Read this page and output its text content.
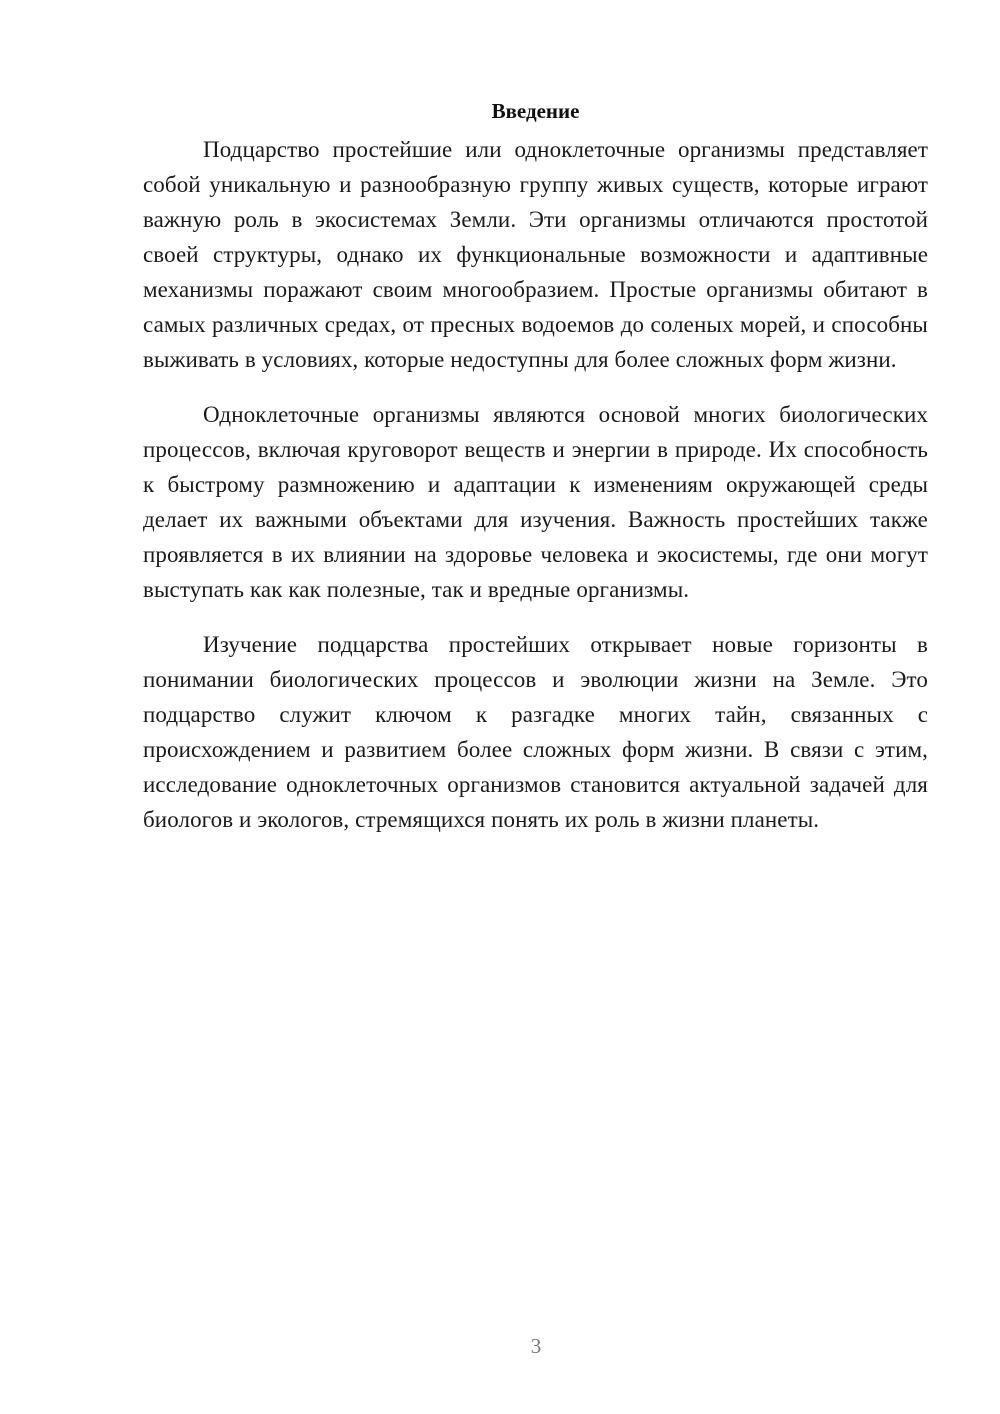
Введение

Подцарство простейшие или одноклеточные организмы представляет собой уникальную и разнообразную группу живых существ, которые играют важную роль в экосистемах Земли. Эти организмы отличаются простотой своей структуры, однако их функциональные возможности и адаптивные механизмы поражают своим многообразием. Простые организмы обитают в самых различных средах, от пресных водоемов до соленых морей, и способны выживать в условиях, которые недоступны для более сложных форм жизни.

Одноклеточные организмы являются основой многих биологических процессов, включая круговорот веществ и энергии в природе. Их способность к быстрому размножению и адаптации к изменениям окружающей среды делает их важными объектами для изучения. Важность простейших также проявляется в их влиянии на здоровье человека и экосистемы, где они могут выступать как как полезные, так и вредные организмы.

Изучение подцарства простейших открывает новые горизонты в понимании биологических процессов и эволюции жизни на Земле. Это подцарство служит ключом к разгадке многих тайн, связанных с происхождением и развитием более сложных форм жизни. В связи с этим, исследование одноклеточных организмов становится актуальной задачей для биологов и экологов, стремящихся понять их роль в жизни планеты.

3
